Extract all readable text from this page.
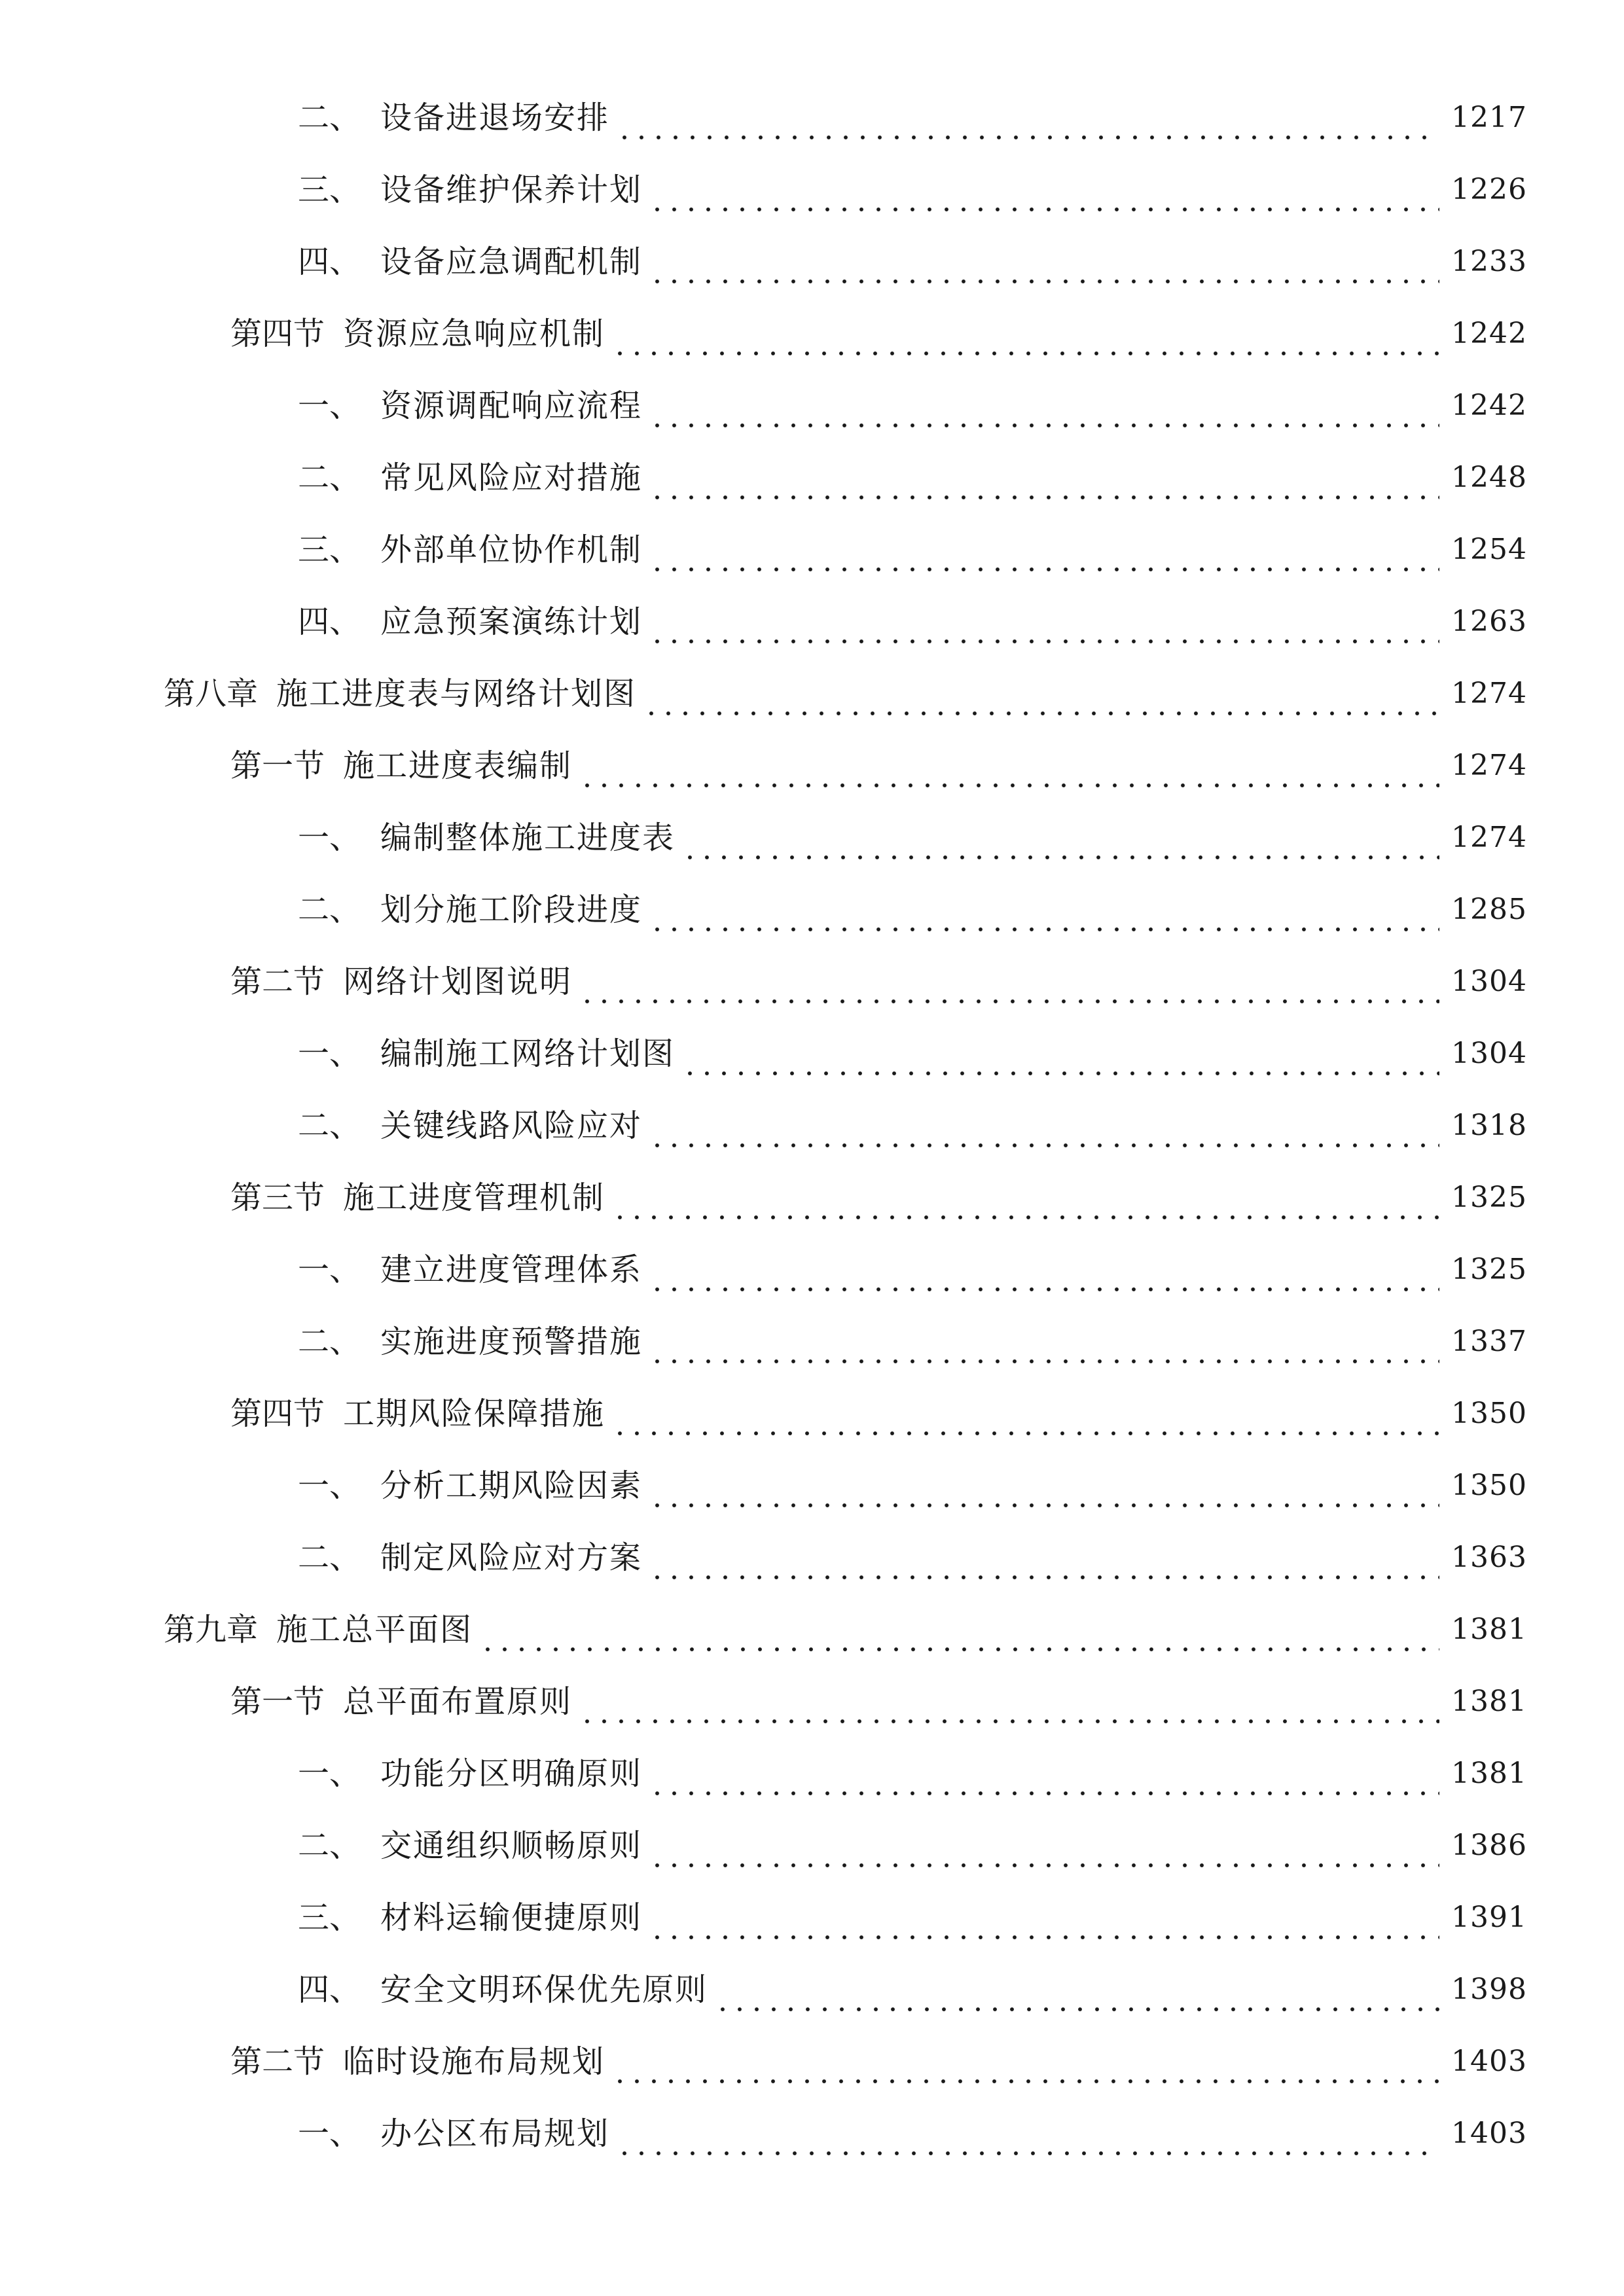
二、 设备进退场安排	1217
三、 设备维护保养计划	1226
四、 设备应急调配机制	1233
第四节 资源应急响应机制	1242
一、 资源调配响应流程	1242
二、 常见风险应对措施	1248
三、 外部单位协作机制	1254
四、 应急预案演练计划	1263
第八章 施工进度表与网络计划图	1274
第一节 施工进度表编制	1274
一、 编制整体施工进度表	1274
二、 划分施工阶段进度	1285
第二节 网络计划图说明	1304
一、 编制施工网络计划图	1304
二、 关键线路风险应对	1318
第三节 施工进度管理机制	1325
一、 建立进度管理体系	1325
二、 实施进度预警措施	1337
第四节 工期风险保障措施	1350
一、 分析工期风险因素	1350
二、 制定风险应对方案	1363
第九章 施工总平面图	1381
第一节 总平面布置原则	1381
一、 功能分区明确原则	1381
二、 交通组织顺畅原则	1386
三、 材料运输便捷原则	1391
四、 安全文明环保优先原则	1398
第二节 临时设施布局规划	1403
一、 办公区布局规划	1403
